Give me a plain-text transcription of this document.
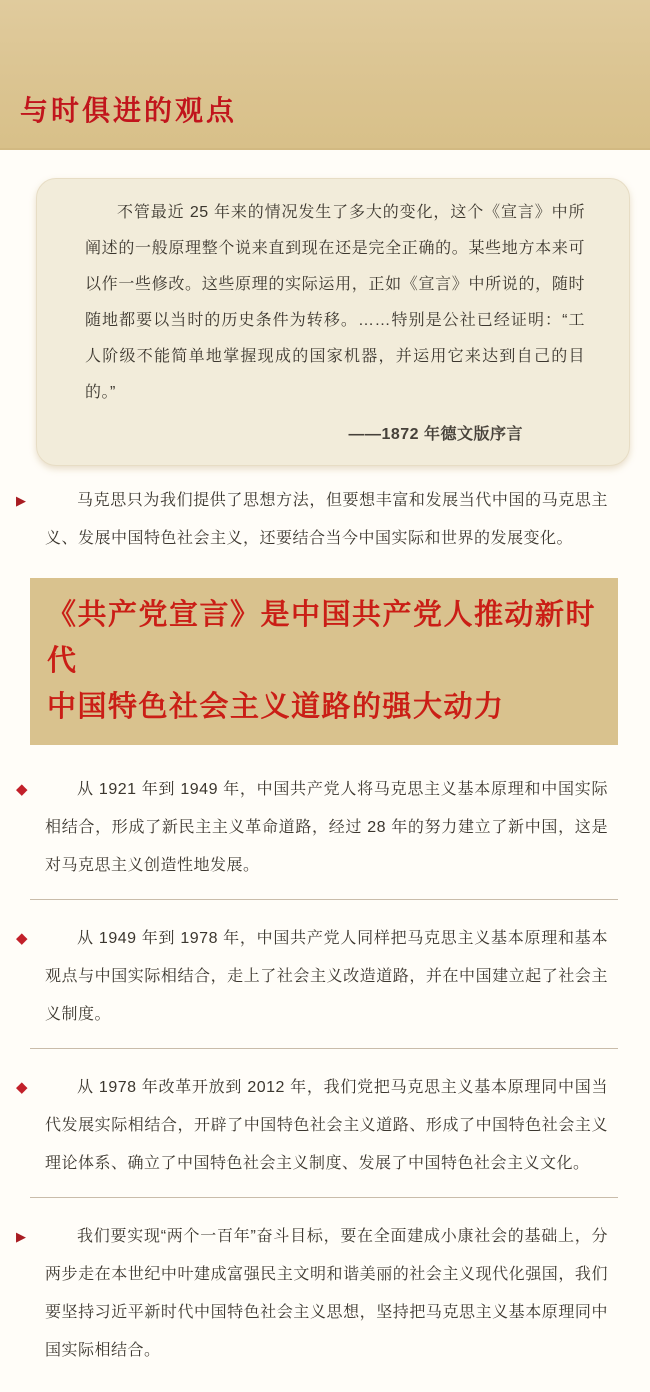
与时俱进的观点
不管最近 25 年来的情况发生了多大的变化，这个《宣言》中所阐述的一般原理整个说来直到现在还是完全正确的。某些地方本来可以作一些修改。这些原理的实际运用，正如《宣言》中所说的，随时随地都要以当时的历史条件为转移。……特别是公社已经证明：“工人阶级不能简单地掌握现成的国家机器，并运用它来达到自己的目的。”
——1872 年德文版序言
▶	马克思只为我们提供了思想方法，但要想丰富和发展当代中国的马克思主义、发展中国特色社会主义，还要结合当今中国实际和世界的发展变化。
《共产党宣言》是中国共产党人推动新时代
中国特色社会主义道路的强大动力
◆	从 1921 年到 1949 年，中国共产党人将马克思主义基本原理和中国实际相结合，形成了新民主主义革命道路，经过 28 年的努力建立了新中国，这是对马克思主义创造性地发展。
◆	从 1949 年到 1978 年，中国共产党人同样把马克思主义基本原理和基本观点与中国实际相结合，走上了社会主义改造道路，并在中国建立起了社会主义制度。
◆	从 1978 年改革开放到 2012 年，我们党把马克思主义基本原理同中国当代发展实际相结合，开辟了中国特色社会主义道路、形成了中国特色社会主义理论体系、确立了中国特色社会主义制度、发展了中国特色社会主义文化。
▶	我们要实现“两个一百年”奋斗目标，要在全面建成小康社会的基础上，分两步走在本世纪中叶建成富强民主文明和谐美丽的社会主义现代化强国，我们要坚持习近平新时代中国特色社会主义思想，坚持把马克思主义基本原理同中国实际相结合。
